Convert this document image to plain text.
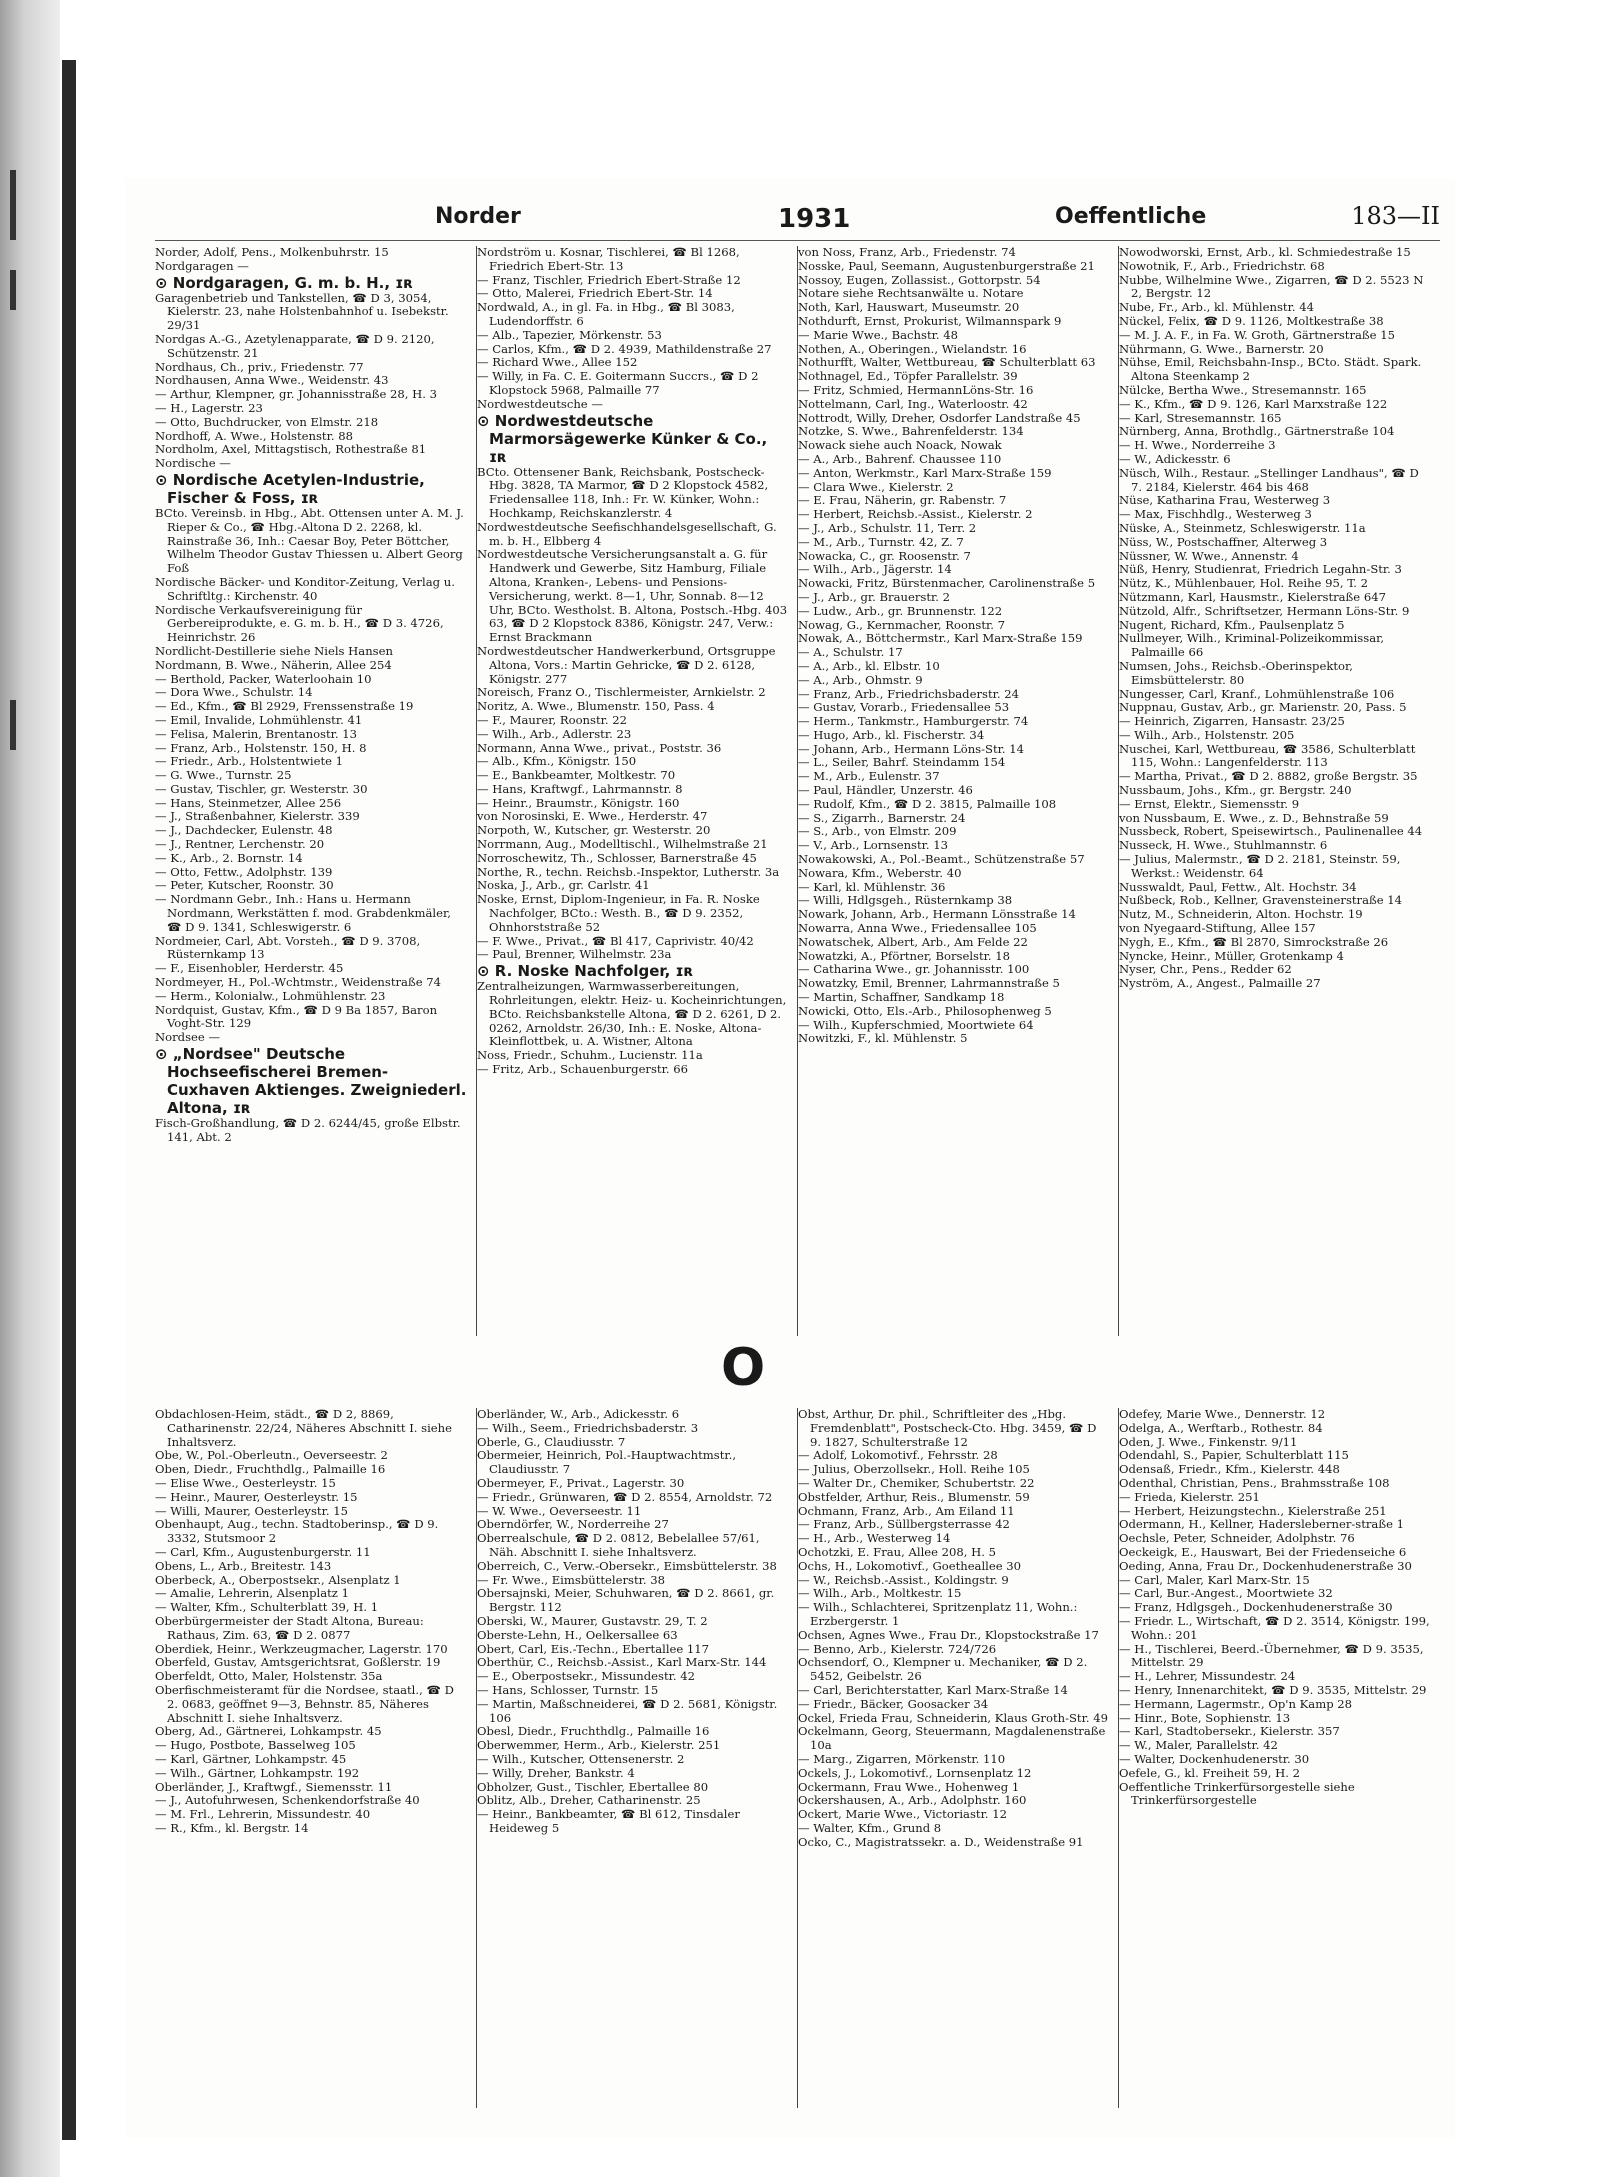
Norder	1931	Oeffentliche	183—II

Norder, Adolf, Pens., Molkenbuhrstr. 15

Nordgaragen —

⊙ Nordgaragen, G. m. b. H., ɪʀ

Garagenbetrieb und Tankstellen, ☎ D 3, 3054, Kielerstr. 23, nahe Holstenbahnhof u. Isebekstr. 29/31

Nordgas A.-G., Azetylenapparate, ☎ D 9. 2120, Schützenstr. 21

Nordhaus, Ch., priv., Friedenstr. 77

Nordhausen, Anna Wwe., Weidenstr. 43

— Arthur, Klempner, gr. Johannisstraße 28, H. 3

— H., Lagerstr. 23

— Otto, Buchdrucker, von Elmstr. 218

Nordhoff, A. Wwe., Holstenstr. 88

Nordholm, Axel, Mittagstisch, Rothestraße 81

Nordische —

⊙ Nordische Acetylen-Industrie, Fischer & Foss, ɪʀ

BCto. Vereinsb. in Hbg., Abt. Ottensen unter A. M. J. Rieper & Co., ☎ Hbg.-Altona D 2. 2268, kl. Rainstraße 36, Inh.: Caesar Boy, Peter Böttcher, Wilhelm Theodor Gustav Thiessen u. Albert Georg Foß

Nordische Bäcker- und Konditor-Zeitung, Verlag u. Schriftltg.: Kirchenstr. 40

Nordische Verkaufsvereinigung für Gerbereiprodukte, e. G. m. b. H., ☎ D 3. 4726, Heinrichstr. 26

Nordlicht-Destillerie siehe Niels Hansen

Nordmann, B. Wwe., Näherin, Allee 254

— Berthold, Packer, Waterloohain 10

— Dora Wwe., Schulstr. 14

— Ed., Kfm., ☎ Bl 2929, Frenssenstraße 19

— Emil, Invalide, Lohmühlenstr. 41

— Felisa, Malerin, Brentanostr. 13

— Franz, Arb., Holstenstr. 150, H. 8

— Friedr., Arb., Holstentwiete 1

— G. Wwe., Turnstr. 25

— Gustav, Tischler, gr. Westerstr. 30

— Hans, Steinmetzer, Allee 256

— J., Straßenbahner, Kielerstr. 339

— J., Dachdecker, Eulenstr. 48

— J., Rentner, Lerchenstr. 20

— K., Arb., 2. Bornstr. 14

— Otto, Fettw., Adolphstr. 139

— Peter, Kutscher, Roonstr. 30

— Nordmann Gebr., Inh.: Hans u. Hermann Nordmann, Werkstätten f. mod. Grabdenkmäler, ☎ D 9. 1341, Schleswigerstr. 6

Nordmeier, Carl, Abt. Vorsteh., ☎ D 9. 3708, Rüsternkamp 13

— F., Eisenhobler, Herderstr. 45

Nordmeyer, H., Pol.-Wchtmstr., Weidenstraße 74

— Herm., Kolonialw., Lohmühlenstr. 23

Nordquist, Gustav, Kfm., ☎ D 9 Ba 1857, Baron Voght-Str. 129

Nordsee —

⊙ „Nordsee" Deutsche Hochseefischerei Bremen-Cuxhaven Aktienges. Zweigniederl. Altona, ɪʀ

Fisch-Großhandlung, ☎ D 2. 6244/45, große Elbstr. 141, Abt. 2

Nordström u. Kosnar, Tischlerei, ☎ Bl 1268, Friedrich Ebert-Str. 13

— Franz, Tischler, Friedrich Ebert-Straße 12

— Otto, Malerei, Friedrich Ebert-Str. 14

Nordwald, A., in gl. Fa. in Hbg., ☎ Bl 3083, Ludendorffstr. 6

— Alb., Tapezier, Mörkenstr. 53

— Carlos, Kfm., ☎ D 2. 4939, Mathildenstraße 27

— Richard Wwe., Allee 152

— Willy, in Fa. C. E. Goitermann Succrs., ☎ D 2 Klopstock 5968, Palmaille 77

Nordwestdeutsche —

⊙ Nordwestdeutsche Marmorsägewerke Künker & Co., ɪʀ

BCto. Ottensener Bank, Reichsbank, Postscheck-Hbg. 3828, TA Marmor, ☎ D 2 Klopstock 4582, Friedensallee 118, Inh.: Fr. W. Künker, Wohn.: Hochkamp, Reichskanzlerstr. 4

Nordwestdeutsche Seefischhandelsgesellschaft, G. m. b. H., Elbberg 4

Nordwestdeutsche Versicherungsanstalt a. G. für Handwerk und Gewerbe, Sitz Hamburg, Filiale Altona, Kranken-, Lebens- und Pensions-Versicherung, werkt. 8—1, Uhr, Sonnab. 8—12 Uhr, BCto. Westholst. B. Altona, Postsch.-Hbg. 403 63, ☎ D 2 Klopstock 8386, Königstr. 247, Verw.: Ernst Brackmann

Nordwestdeutscher Handwerkerbund, Ortsgruppe Altona, Vors.: Martin Gehricke, ☎ D 2. 6128, Königstr. 277

Noreisch, Franz O., Tischlermeister, Arnkielstr. 2

Noritz, A. Wwe., Blumenstr. 150, Pass. 4

— F., Maurer, Roonstr. 22

— Wilh., Arb., Adlerstr. 23

Normann, Anna Wwe., privat., Poststr. 36

— Alb., Kfm., Königstr. 150

— E., Bankbeamter, Moltkestr. 70

— Hans, Kraftwgf., Lahrmannstr. 8

— Heinr., Braumstr., Königstr. 160

von Norosinski, E. Wwe., Herderstr. 47

Norpoth, W., Kutscher, gr. Westerstr. 20

Norrmann, Aug., Modelltischl., Wilhelmstraße 21

Norroschewitz, Th., Schlosser, Barnerstraße 45

Northe, R., techn. Reichsb.-Inspektor, Lutherstr. 3a

Noska, J., Arb., gr. Carlstr. 41

Noske, Ernst, Diplom-Ingenieur, in Fa. R. Noske Nachfolger, BCto.: Westh. B., ☎ D 9. 2352, Ohnhorststraße 52

— F. Wwe., Privat., ☎ Bl 417, Caprivistr. 40/42

— Paul, Brenner, Wilhelmstr. 23a

⊙ R. Noske Nachfolger, ɪʀ

Zentralheizungen, Warmwasserbereitungen, Rohrleitungen, elektr. Heiz- u. Kocheinrichtungen, BCto. Reichsbankstelle Altona, ☎ D 2. 6261, D 2. 0262, Arnoldstr. 26/30, Inh.: E. Noske, Altona-Kleinflottbek, u. A. Wistner, Altona

Noss, Friedr., Schuhm., Lucienstr. 11a

— Fritz, Arb., Schauenburgerstr. 66

von Noss, Franz, Arb., Friedenstr. 74

Nosske, Paul, Seemann, Augustenburgerstraße 21

Nossoy, Eugen, Zollassist., Gottorpstr. 54

Notare siehe Rechtsanwälte u. Notare

Noth, Karl, Hauswart, Museumstr. 20

Nothdurft, Ernst, Prokurist, Wilmannspark 9

— Marie Wwe., Bachstr. 48

Nothen, A., Oberingen., Wielandstr. 16

Nothurfft, Walter, Wettbureau, ☎ Schulterblatt 63

Nothnagel, Ed., Töpfer Parallelstr. 39

— Fritz, Schmied, HermannLöns-Str. 16

Nottelmann, Carl, Ing., Waterloostr. 42

Nottrodt, Willy, Dreher, Osdorfer Landstraße 45

Notzke, S. Wwe., Bahrenfelderstr. 134

Nowack siehe auch Noack, Nowak

— A., Arb., Bahrenf. Chaussee 110

— Anton, Werkmstr., Karl Marx-Straße 159

— Clara Wwe., Kielerstr. 2

— E. Frau, Näherin, gr. Rabenstr. 7

— Herbert, Reichsb.-Assist., Kielerstr. 2

— J., Arb., Schulstr. 11, Terr. 2

— M., Arb., Turnstr. 42, Z. 7

Nowacka, C., gr. Roosenstr. 7

— Wilh., Arb., Jägerstr. 14

Nowacki, Fritz, Bürstenmacher, Carolinenstraße 5

— J., Arb., gr. Brauerstr. 2

— Ludw., Arb., gr. Brunnenstr. 122

Nowag, G., Kernmacher, Roonstr. 7

Nowak, A., Böttchermstr., Karl Marx-Straße 159

— A., Schulstr. 17

— A., Arb., kl. Elbstr. 10

— A., Arb., Ohmstr. 9

— Franz, Arb., Friedrichsbaderstr. 24

— Gustav, Vorarb., Friedensallee 53

— Herm., Tankmstr., Hamburgerstr. 74

— Hugo, Arb., kl. Fischerstr. 34

— Johann, Arb., Hermann Löns-Str. 14

— L., Seiler, Bahrf. Steindamm 154

— M., Arb., Eulenstr. 37

— Paul, Händler, Unzerstr. 46

— Rudolf, Kfm., ☎ D 2. 3815, Palmaille 108

— S., Zigarrh., Barnerstr. 24

— S., Arb., von Elmstr. 209

— V., Arb., Lornsenstr. 13

Nowakowski, A., Pol.-Beamt., Schützenstraße 57

Nowara, Kfm., Weberstr. 40

— Karl, kl. Mühlenstr. 36

— Willi, Hdlgsgeh., Rüsternkamp 38

Nowark, Johann, Arb., Hermann Lönsstraße 14

Nowarra, Anna Wwe., Friedensallee 105

Nowatschek, Albert, Arb., Am Felde 22

Nowatzki, A., Pförtner, Borselstr. 18

— Catharina Wwe., gr. Johannisstr. 100

Nowatzky, Emil, Brenner, Lahrmannstraße 5

— Martin, Schaffner, Sandkamp 18

Nowicki, Otto, Els.-Arb., Philosophenweg 5

— Wilh., Kupferschmied, Moortwiete 64

Nowitzki, F., kl. Mühlenstr. 5

Nowodworski, Ernst, Arb., kl. Schmiedestraße 15

Nowotnik, F., Arb., Friedrichstr. 68

Nubbe, Wilhelmine Wwe., Zigarren, ☎ D 2. 5523 N 2, Bergstr. 12

Nube, Fr., Arb., kl. Mühlenstr. 44

Nückel, Felix, ☎ D 9. 1126, Moltkestraße 38

— M. J. A. F., in Fa. W. Groth, Gärtnerstraße 15

Nührmann, G. Wwe., Barnerstr. 20

Nühse, Emil, Reichsbahn-Insp., BCto. Städt. Spark. Altona Steenkamp 2

Nülcke, Bertha Wwe., Stresemannstr. 165

— K., Kfm., ☎ D 9. 126, Karl Marxstraße 122

— Karl, Stresemannstr. 165

Nürnberg, Anna, Brothdlg., Gärtnerstraße 104

— H. Wwe., Norderreihe 3

— W., Adickesstr. 6

Nüsch, Wilh., Restaur. „Stellinger Landhaus", ☎ D 7. 2184, Kielerstr. 464 bis 468

Nüse, Katharina Frau, Westerweg 3

— Max, Fischhdlg., Westerweg 3

Nüske, A., Steinmetz, Schleswigerstr. 11a

Nüss, W., Postschaffner, Alterweg 3

Nüssner, W. Wwe., Annenstr. 4

Nüß, Henry, Studienrat, Friedrich Legahn-Str. 3

Nütz, K., Mühlenbauer, Hol. Reihe 95, T. 2

Nützmann, Karl, Hausmstr., Kielerstraße 647

Nützold, Alfr., Schriftsetzer, Hermann Löns-Str. 9

Nugent, Richard, Kfm., Paulsenplatz 5

Nullmeyer, Wilh., Kriminal-Polizeikommissar, Palmaille 66

Numsen, Johs., Reichsb.-Oberinspektor, Eimsbüttelerstr. 80

Nungesser, Carl, Kranf., Lohmühlenstraße 106

Nuppnau, Gustav, Arb., gr. Marienstr. 20, Pass. 5

— Heinrich, Zigarren, Hansastr. 23/25

— Wilh., Arb., Holstenstr. 205

Nuschei, Karl, Wettbureau, ☎ 3586, Schulterblatt 115, Wohn.: Langenfelderstr. 113

— Martha, Privat., ☎ D 2. 8882, große Bergstr. 35

Nussbaum, Johs., Kfm., gr. Bergstr. 240

— Ernst, Elektr., Siemensstr. 9

von Nussbaum, E. Wwe., z. D., Behnstraße 59

Nussbeck, Robert, Speisewirtsch., Paulinenallee 44

Nusseck, H. Wwe., Stuhlmannstr. 6

— Julius, Malermstr., ☎ D 2. 2181, Steinstr. 59, Werkst.: Weidenstr. 64

Nusswaldt, Paul, Fettw., Alt. Hochstr. 34

Nußbeck, Rob., Kellner, Gravensteinerstraße 14

Nutz, M., Schneiderin, Alton. Hochstr. 19

von Nyegaard-Stiftung, Allee 157

Nygh, E., Kfm., ☎ Bl 2870, Simrockstraße 26

Nyncke, Heinr., Müller, Grotenkamp 4

Nyser, Chr., Pens., Redder 62

Nyström, A., Angest., Palmaille 27

O

Obdachlosen-Heim, städt., ☎ D 2, 8869, Catharinenstr. 22/24, Näheres Abschnitt I. siehe Inhaltsverz.

Obe, W., Pol.-Oberleutn., Oeverseestr. 2

Oben, Diedr., Fruchthdlg., Palmaille 16

— Elise Wwe., Oesterleystr. 15

— Heinr., Maurer, Oesterleystr. 15

— Willi, Maurer, Oesterleystr. 15

Obenhaupt, Aug., techn. Stadtoberinsp., ☎ D 9. 3332, Stutsmoor 2

— Carl, Kfm., Augustenburgerstr. 11

Obens, L., Arb., Breitestr. 143

Oberbeck, A., Oberpostsekr., Alsenplatz 1

— Amalie, Lehrerin, Alsenplatz 1

— Walter, Kfm., Schulterblatt 39, H. 1

Oberbürgermeister der Stadt Altona, Bureau: Rathaus, Zim. 63, ☎ D 2. 0877

Oberdiek, Heinr., Werkzeugmacher, Lagerstr. 170

Oberfeld, Gustav, Amtsgerichtsrat, Goßlerstr. 19

Oberfeldt, Otto, Maler, Holstenstr. 35a

Oberfischmeisteramt für die Nordsee, staatl., ☎ D 2. 0683, geöffnet 9—3, Behnstr. 85, Näheres Abschnitt I. siehe Inhaltsverz.

Oberg, Ad., Gärtnerei, Lohkampstr. 45

— Hugo, Postbote, Basselweg 105

— Karl, Gärtner, Lohkampstr. 45

— Wilh., Gärtner, Lohkampstr. 192

Oberländer, J., Kraftwgf., Siemensstr. 11

— J., Autofuhrwesen, Schenkendorfstraße 40

— M. Frl., Lehrerin, Missundestr. 40

— R., Kfm., kl. Bergstr. 14

Oberländer, W., Arb., Adickesstr. 6

— Wilh., Seem., Friedrichsbaderstr. 3

Oberle, G., Claudiusstr. 7

Obermeier, Heinrich, Pol.-Hauptwachtmstr., Claudiusstr. 7

Obermeyer, F., Privat., Lagerstr. 30

— Friedr., Grünwaren, ☎ D 2. 8554, Arnoldstr. 72

— W. Wwe., Oeverseestr. 11

Oberndörfer, W., Norderreihe 27

Oberrealschule, ☎ D 2. 0812, Bebelallee 57/61, Näh. Abschnitt I. siehe Inhaltsverz.

Oberreich, C., Verw.-Obersekr., Eimsbüttelerstr. 38

— Fr. Wwe., Eimsbüttelerstr. 38

Obersajnski, Meier, Schuhwaren, ☎ D 2. 8661, gr. Bergstr. 112

Oberski, W., Maurer, Gustavstr. 29, T. 2

Oberste-Lehn, H., Oelkersallee 63

Obert, Carl, Eis.-Techn., Ebertallee 117

Oberthür, C., Reichsb.-Assist., Karl Marx-Str. 144

— E., Oberpostsekr., Missundestr. 42

— Hans, Schlosser, Turnstr. 15

— Martin, Maßschneiderei, ☎ D 2. 5681, Königstr. 106

Obesl, Diedr., Fruchthdlg., Palmaille 16

Oberwemmer, Herm., Arb., Kielerstr. 251

— Wilh., Kutscher, Ottensenerstr. 2

— Willy, Dreher, Bankstr. 4

Obholzer, Gust., Tischler, Ebertallee 80

Oblitz, Alb., Dreher, Catharinenstr. 25

— Heinr., Bankbeamter, ☎ Bl 612, Tinsdaler Heideweg 5

Obst, Arthur, Dr. phil., Schriftleiter des „Hbg. Fremdenblatt", Postscheck-Cto. Hbg. 3459, ☎ D 9. 1827, Schulterstraße 12

— Adolf, Lokomotivf., Fehrsstr. 28

— Julius, Oberzollsekr., Holl. Reihe 105

— Walter Dr., Chemiker, Schubertstr. 22

Obstfelder, Arthur, Reis., Blumenstr. 59

Ochmann, Franz, Arb., Am Eiland 11

— Franz, Arb., Süllbergsterrasse 42

— H., Arb., Westerweg 14

Ochotzki, E. Frau, Allee 208, H. 5

Ochs, H., Lokomotivf., Goetheallee 30

— W., Reichsb.-Assist., Koldingstr. 9

— Wilh., Arb., Moltkestr. 15

— Wilh., Schlachterei, Spritzenplatz 11, Wohn.: Erzbergerstr. 1

Ochsen, Agnes Wwe., Frau Dr., Klopstockstraße 17

— Benno, Arb., Kielerstr. 724/726

Ochsendorf, O., Klempner u. Mechaniker, ☎ D 2. 5452, Geibelstr. 26

— Carl, Berichterstatter, Karl Marx-Straße 14

— Friedr., Bäcker, Goosacker 34

Ockel, Frieda Frau, Schneiderin, Klaus Groth-Str. 49

Ockelmann, Georg, Steuermann, Magdalenenstraße 10a

— Marg., Zigarren, Mörkenstr. 110

Ockels, J., Lokomotivf., Lornsenplatz 12

Ockermann, Frau Wwe., Hohenweg 1

Ockershausen, A., Arb., Adolphstr. 160

Ockert, Marie Wwe., Victoriastr. 12

— Walter, Kfm., Grund 8

Ocko, C., Magistratssekr. a. D., Weidenstraße 91

Odefey, Marie Wwe., Dennerstr. 12

Odelga, A., Werftarb., Rothestr. 84

Oden, J. Wwe., Finkenstr. 9/11

Odendahl, S., Papier, Schulterblatt 115

Odensaß, Friedr., Kfm., Kielerstr. 448

Odenthal, Christian, Pens., Brahmsstraße 108

— Frieda, Kielerstr. 251

— Herbert, Heizungstechn., Kielerstraße 251

Odermann, H., Kellner, Hadersleberner-straße 1

Oechsle, Peter, Schneider, Adolphstr. 76

Oeckeigk, E., Hauswart, Bei der Friedenseiche 6

Oeding, Anna, Frau Dr., Dockenhudenerstraße 30

— Carl, Maler, Karl Marx-Str. 15

— Carl, Bur.-Angest., Moortwiete 32

— Franz, Hdlgsgeh., Dockenhudenerstraße 30

— Friedr. L., Wirtschaft, ☎ D 2. 3514, Königstr. 199, Wohn.: 201

— H., Tischlerei, Beerd.-Übernehmer, ☎ D 9. 3535, Mittelstr. 29

— H., Lehrer, Missundestr. 24

— Henry, Innenarchitekt, ☎ D 9. 3535, Mittelstr. 29

— Hermann, Lagermstr., Op'n Kamp 28

— Hinr., Bote, Sophienstr. 13

— Karl, Stadtobersekr., Kielerstr. 357

— W., Maler, Parallelstr. 42

— Walter, Dockenhudenerstr. 30

Oefele, G., kl. Freiheit 59, H. 2

Oeffentliche Trinkerfürsorgestelle siehe Trinkerfürsorgestelle
